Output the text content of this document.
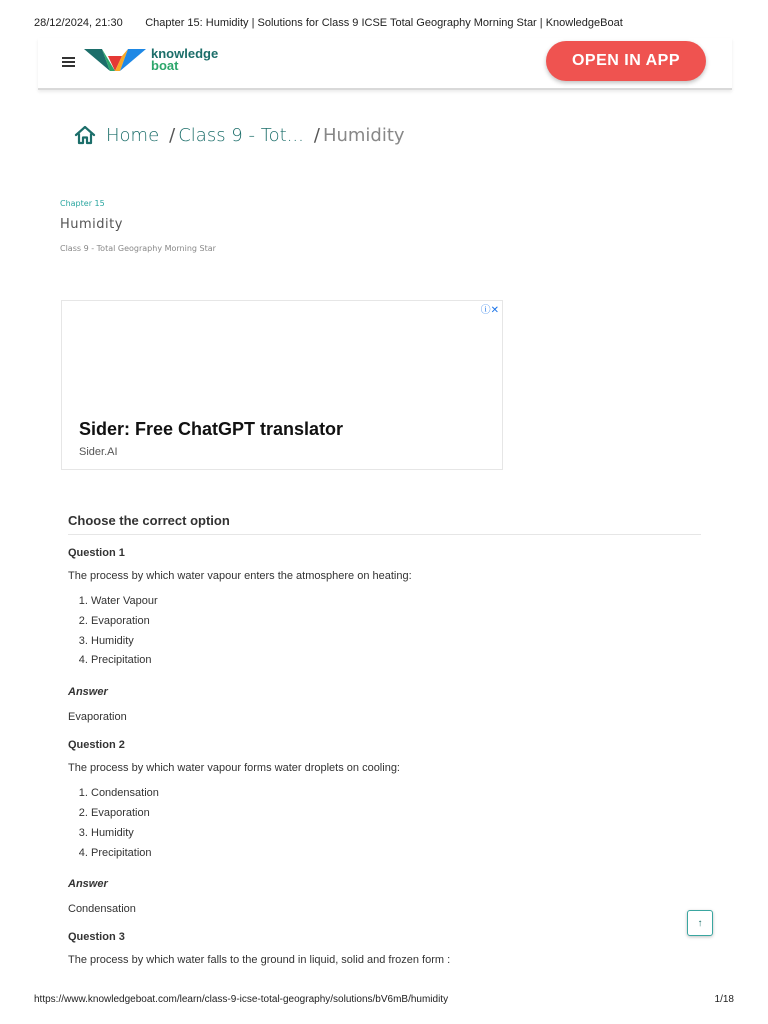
28/12/2024, 21:30	Chapter 15: Humidity | Solutions for Class 9 ICSE Total Geography Morning Star | KnowledgeBoat
knowledge
boat	OPEN IN APP
Home / Class 9 - Tot... / Humidity
Chapter 15
Humidity
Class 9 - Total Geography Morning Star
ⓘ✕
Sider: Free ChatGPT translator
Sider.AI
Choose the correct option
Question 1
The process by which water vapour enters the atmosphere on heating:
1. Water Vapour
2. Evaporation
3. Humidity
4. Precipitation
Answer
Evaporation
Question 2
The process by which water vapour forms water droplets on cooling:
1. Condensation
2. Evaporation
3. Humidity
4. Precipitation
Answer
Condensation
Question 3
The process by which water falls to the ground in liquid, solid and frozen form :
↑
https://www.knowledgeboat.com/learn/class-9-icse-total-geography/solutions/bV6mB/humidity	1/18
